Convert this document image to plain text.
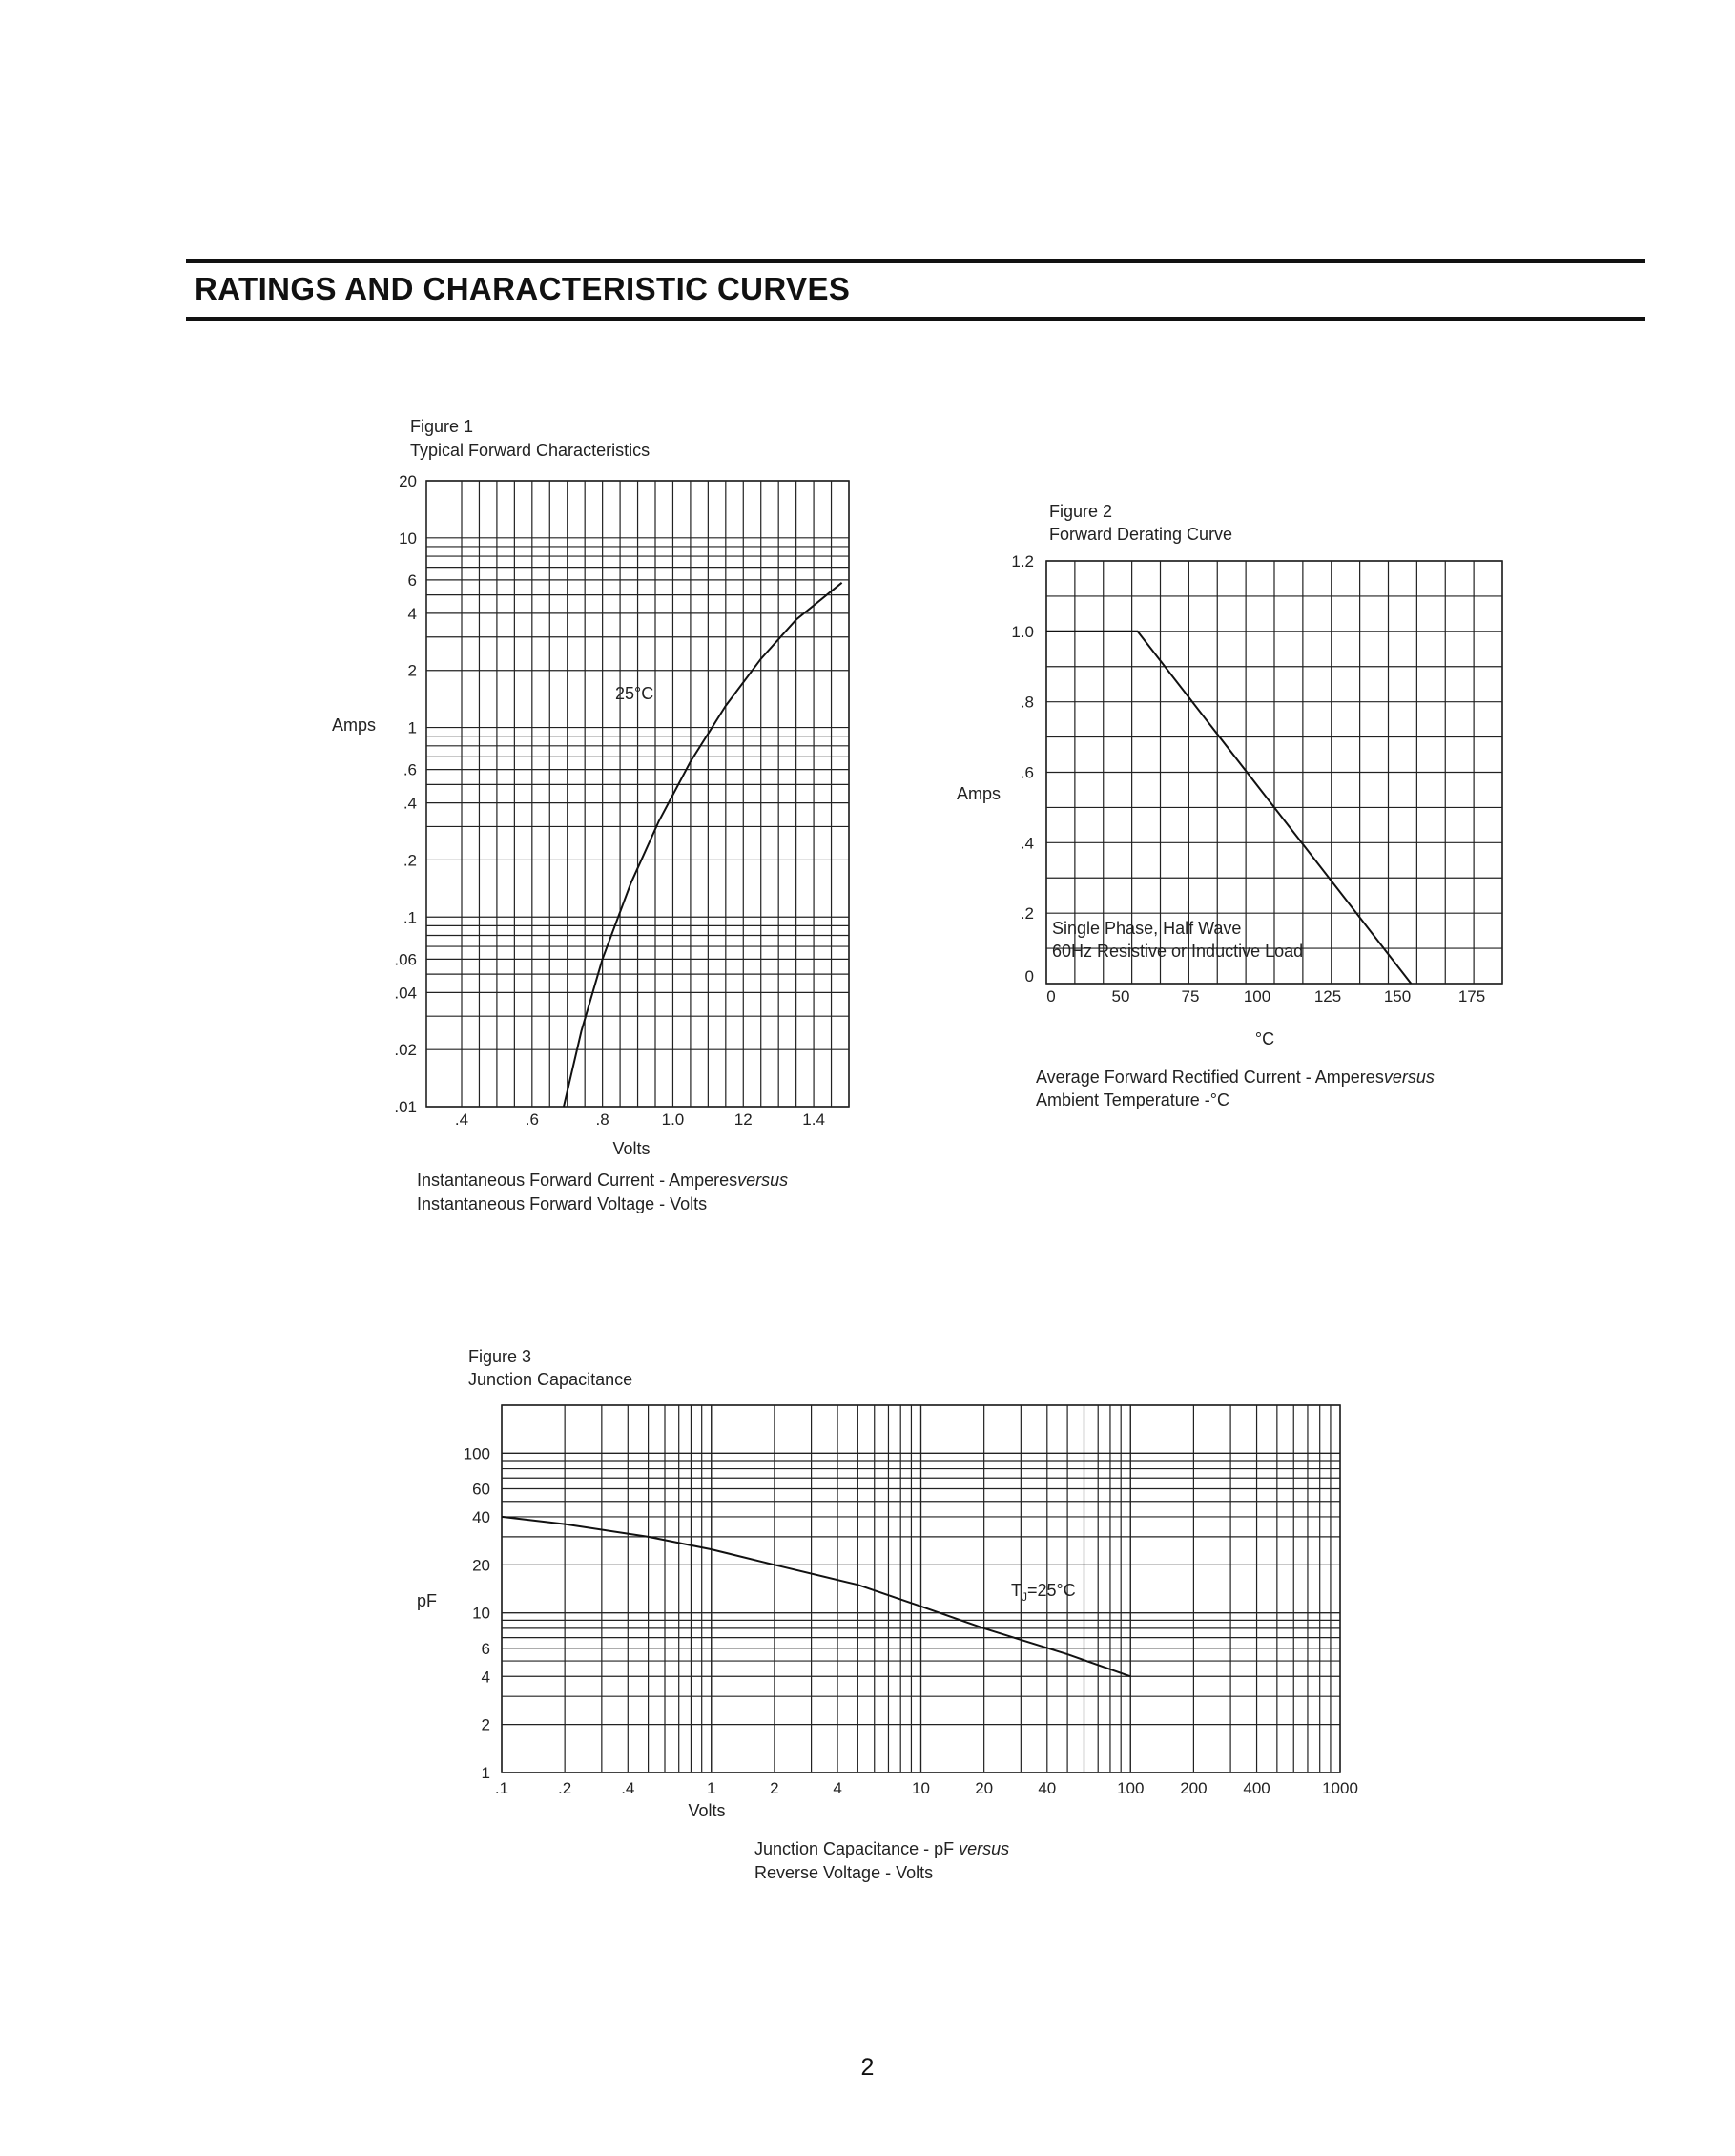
RATINGS AND CHARACTERISTIC CURVES
Figure 1
Typical Forward Characteristics
20
10
6
4
2
1
.6
.4
.2
.1
.06
.04
.02
.01
.4	.6	.8	1.0	12	1.4
Amps
Volts
25°C
Instantaneous Forward Current - Amperesversus
Instantaneous Forward Voltage - Volts
Figure 2
Forward Derating Curve
1.2
1.0
.8
.6
.4
.2
0
0	50	75	100	125	150	175
Amps
°C
Single Phase, Half Wave
60Hz Resistive or Inductive Load
Average Forward Rectified Current - Amperesversus
Ambient Temperature -°C
Figure 3
Junction Capacitance
100
60
40
20
10
6
4
2
1
.1	.2	.4	1	2	4	10	20	40	100 200 400	1000
pF
Volts
$T_J=25^\circ C$
Junction Capacitance - pF versus
Reverse Voltage - Volts
2
